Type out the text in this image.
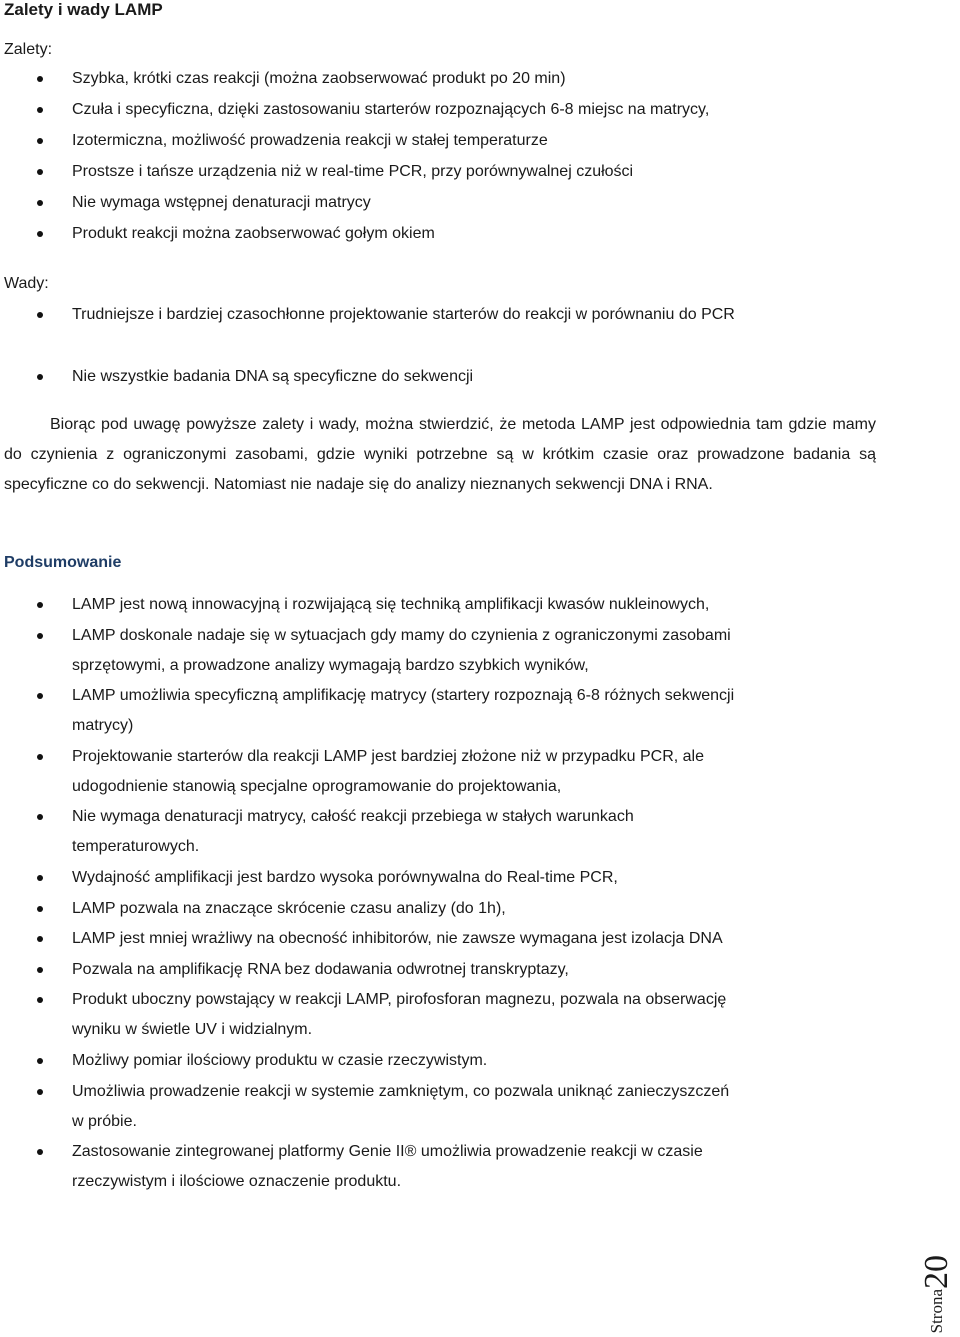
Zalety i wady LAMP
Zalety:
Szybka, krótki czas reakcji (można zaobserwować produkt po 20 min)
Czuła i specyficzna, dzięki zastosowaniu starterów rozpoznających 6-8 miejsc na matrycy,
Izotermiczna, możliwość prowadzenia reakcji w stałej temperaturze
Prostsze i tańsze urządzenia niż w real-time PCR, przy porównywalnej czułości
Nie wymaga wstępnej denaturacji matrycy
Produkt reakcji można zaobserwować gołym okiem
Wady:
Trudniejsze i bardziej czasochłonne projektowanie starterów do reakcji w porównaniu do PCR
Nie wszystkie badania DNA są specyficzne do sekwencji
Biorąc pod uwagę powyższe zalety i wady, można stwierdzić, że metoda LAMP jest odpowiednia tam gdzie mamy do czynienia z ograniczonymi zasobami, gdzie wyniki potrzebne są w krótkim czasie oraz prowadzone badania są specyficzne co do sekwencji. Natomiast nie nadaje się do analizy nieznanych sekwencji DNA i RNA.
Podsumowanie
LAMP jest nową innowacyjną i rozwijającą się techniką amplifikacji kwasów nukleinowych,
LAMP doskonale nadaje się w sytuacjach gdy mamy do czynienia z ograniczonymi zasobami
sprzętowymi, a prowadzone analizy wymagają bardzo szybkich wyników,
LAMP umożliwia specyficzną amplifikację matrycy (startery rozpoznają 6-8 różnych sekwencji
matrycy)
Projektowanie starterów dla reakcji LAMP jest bardziej złożone niż w przypadku PCR, ale
udogodnienie stanowią specjalne oprogramowanie do projektowania,
Nie wymaga denaturacji matrycy, całość reakcji przebiega w stałych warunkach
temperaturowych.
Wydajność amplifikacji jest bardzo wysoka porównywalna do Real-time PCR,
LAMP pozwala na znaczące skrócenie czasu analizy (do 1h),
LAMP jest mniej wrażliwy na obecność inhibitorów, nie zawsze wymagana jest izolacja DNA
Pozwala na amplifikację RNA bez dodawania odwrotnej transkryptazy,
Produkt uboczny powstający w reakcji LAMP, pirofosforan magnezu, pozwala na obserwację
wyniku w świetle UV i widzialnym.
Możliwy pomiar ilościowy produktu w czasie rzeczywistym.
Umożliwia prowadzenie reakcji w systemie zamkniętym, co pozwala uniknąć zanieczyszczeń
w próbie.
Zastosowanie zintegrowanej platformy Genie II® umożliwia prowadzenie reakcji w czasie
rzeczywistym i ilościowe oznaczenie produktu.
Strona20
